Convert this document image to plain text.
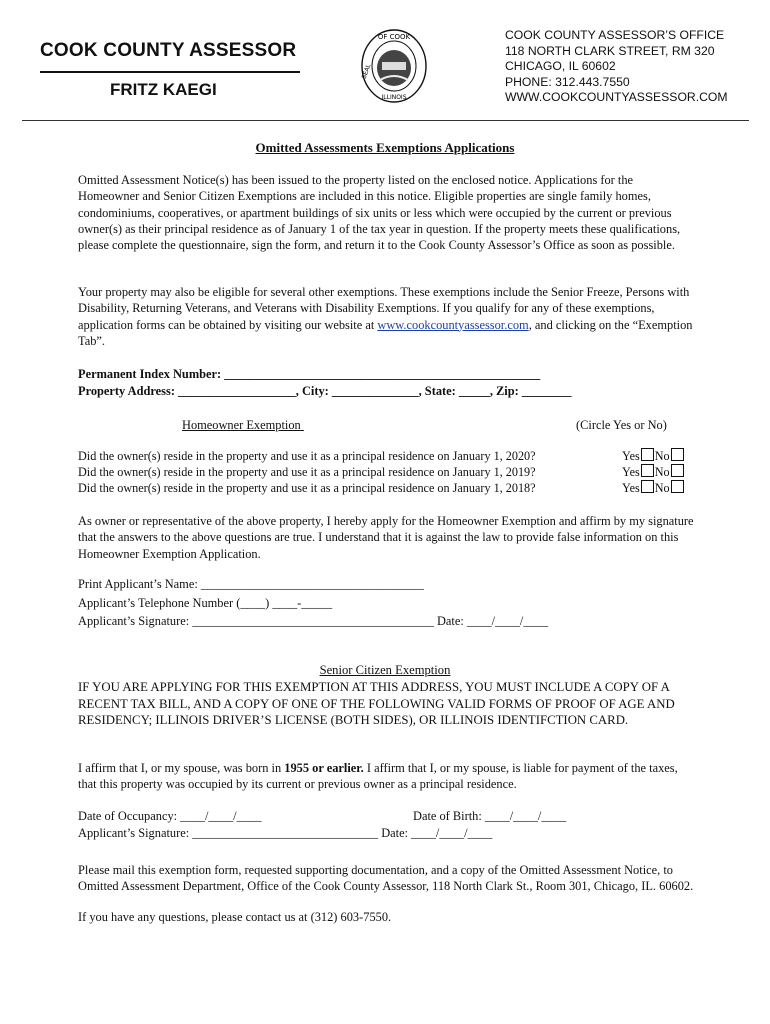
COOK COUNTY ASSESSOR
FRITZ KAEGI
OF COOK
SEAL
ILLINOIS
COOK COUNTY ASSESSOR’S OFFICE
118 NORTH CLARK STREET, RM 320
CHICAGO, IL 60602
PHONE: 312.443.7550
WWW.COOKCOUNTYASSESSOR.COM
Omitted Assessments Exemptions Applications
Omitted Assessment Notice(s) has been issued to the property listed on the enclosed notice. Applications for the Homeowner and Senior Citizen Exemptions are included in this notice. Eligible properties are single family homes, condominiums, cooperatives, or apartment buildings of six units or less which were occupied by the current or previous owner(s) as their principal residence as of January 1 of the tax year in question. If the property meets these qualifications, please complete the questionnaire, sign the form, and return it to the Cook County Assessor’s Office as soon as possible.
Your property may also be eligible for several other exemptions. These exemptions include the Senior Freeze, Persons with Disability, Returning Veterans, and Veterans with Disability Exemptions. If you qualify for any of these exemptions, application forms can be obtained by visiting our website at www.cookcountyassessor.com, and clicking on the “Exemption Tab”.
Permanent Index Number: ___________________________________________________
Property Address: ___________________, City: ______________, State: _____, Zip: ________
Homeowner Exemption	(Circle Yes or No)
Did the owner(s) reside in the property and use it as a principal residence on January 1, 2020?
Did the owner(s) reside in the property and use it as a principal residence on January 1, 2019?
Did the owner(s) reside in the property and use it as a principal residence on January 1, 2018?
Yes No
Yes No
Yes No
As owner or representative of the above property, I hereby apply for the Homeowner Exemption and affirm by my signature that the answers to the above questions are true. I understand that it is against the law to provide false information on this Homeowner Exemption Application.
Print Applicant’s Name: ____________________________________
Applicant’s Telephone Number (____) ____-_____
Applicant’s Signature: _______________________________________ Date: ____/____/____
Senior Citizen Exemption
IF YOU ARE APPLYING FOR THIS EXEMPTION AT THIS ADDRESS, YOU MUST INCLUDE A COPY OF A RECENT TAX BILL, AND A COPY OF ONE OF THE FOLLOWING VALID FORMS OF PROOF OF AGE AND RESIDENCY; ILLINOIS DRIVER’S LICENSE (BOTH SIDES), OR ILLINOIS IDENTIFCTION CARD.
I affirm that I, or my spouse, was born in 1955 or earlier. I affirm that I, or my spouse, is liable for payment of the taxes, that this property was occupied by its current or previous owner as a principal residence.
Date of Occupancy: ____/____/____	Date of Birth: ____/____/____
Applicant’s Signature: ______________________________ Date: ____/____/____
Please mail this exemption form, requested supporting documentation, and a copy of the Omitted Assessment Notice, to Omitted Assessment Department, Office of the Cook County Assessor, 118 North Clark St., Room 301, Chicago, IL. 60602.
If you have any questions, please contact us at (312) 603-7550.
